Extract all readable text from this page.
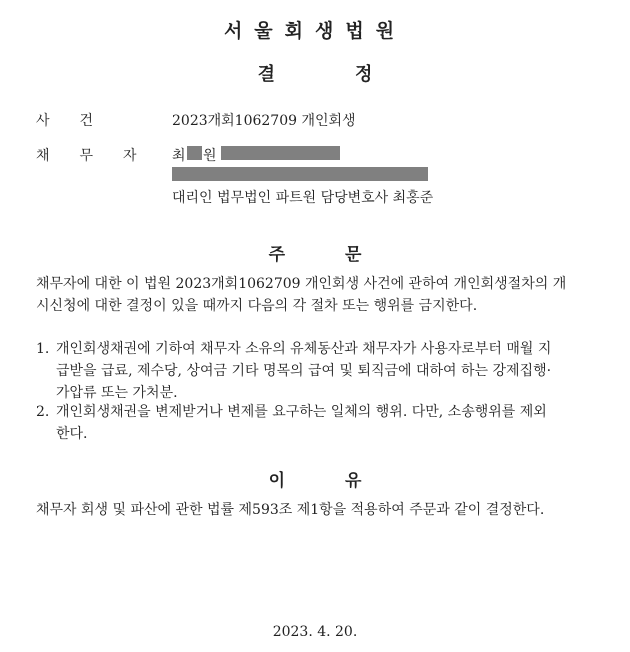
서울회생법원
결정
사건	2023개회1062709 개인회생
채무자 최 원
대리인 법무법인 파트원 담당변호사 최홍준
주문
채무자에 대한 이 법원 2023개회1062709 개인회생 사건에 관하여 개인회생절차의 개
시신청에 대한 결정이 있을 때까지 다음의 각 절차 또는 행위를 금지한다.
1. 개인회생채권에 기하여 채무자 소유의 유체동산과 채무자가 사용자로부터 매월 지
급받을 급료, 제수당, 상여금 기타 명목의 급여 및 퇴직금에 대하여 하는 강제집행·
가압류 또는 가처분.
2. 개인회생채권을 변제받거나 변제를 요구하는 일체의 행위. 다만, 소송행위를 제외
한다.
이유
채무자 회생 및 파산에 관한 법률 제593조 제1항을 적용하여 주문과 같이 결정한다.
2023. 4. 20.
